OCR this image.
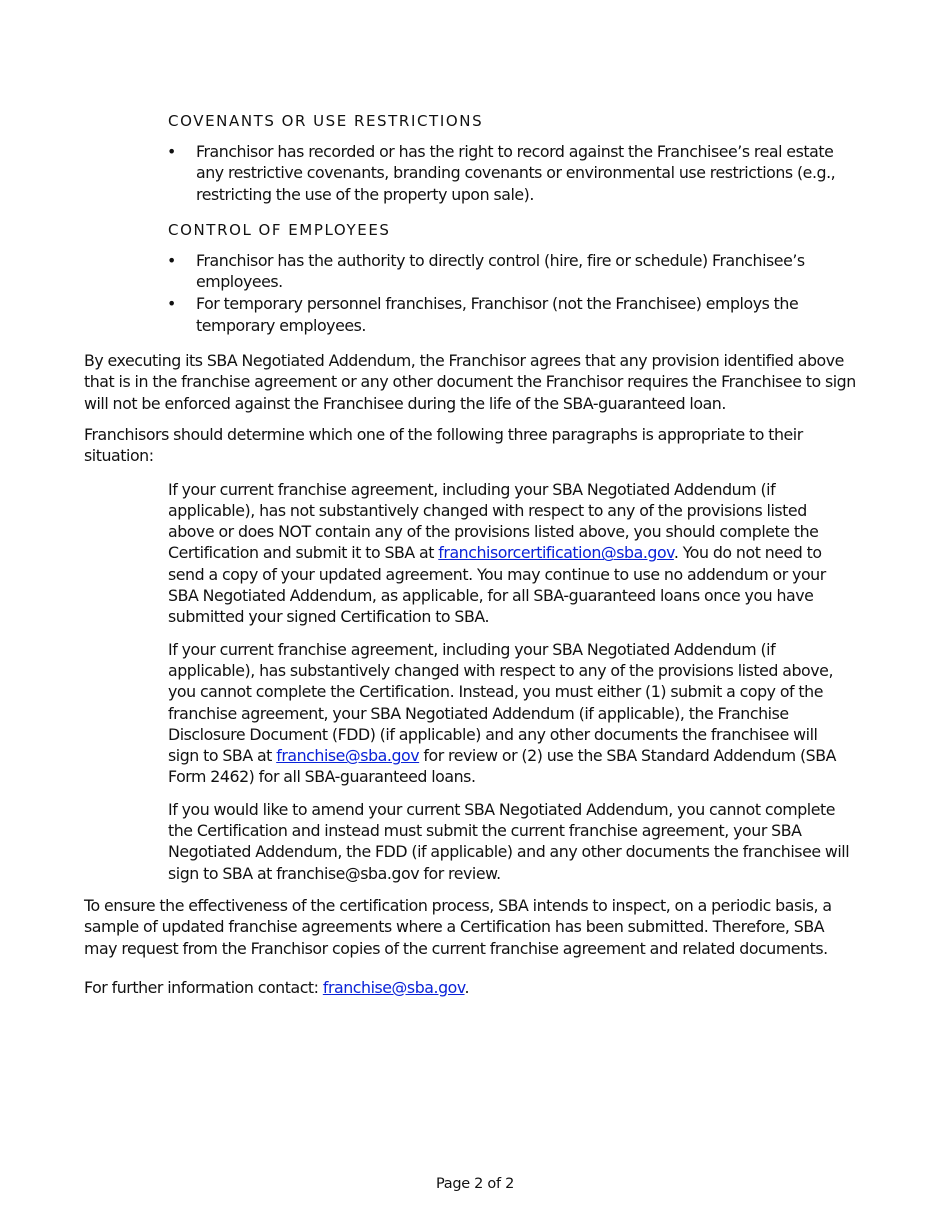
COVENANTS OR USE RESTRICTIONS
• Franchisor has recorded or has the right to record against the Franchisee’s real estate any restrictive covenants, branding covenants or environmental use restrictions (e.g., restricting the use of the property upon sale).
CONTROL OF EMPLOYEES
• Franchisor has the authority to directly control (hire, fire or schedule) Franchisee’s employees.
• For temporary personnel franchises, Franchisor (not the Franchisee) employs the temporary employees.

By executing its SBA Negotiated Addendum, the Franchisor agrees that any provision identified above that is in the franchise agreement or any other document the Franchisor requires the Franchisee to sign will not be enforced against the Franchisee during the life of the SBA-guaranteed loan.

Franchisors should determine which one of the following three paragraphs is appropriate to their situation:

If your current franchise agreement, including your SBA Negotiated Addendum (if applicable), has not substantively changed with respect to any of the provisions listed above or does NOT contain any of the provisions listed above, you should complete the Certification and submit it to SBA at franchisorcertification@sba.gov. You do not need to send a copy of your updated agreement. You may continue to use no addendum or your SBA Negotiated Addendum, as applicable, for all SBA-guaranteed loans once you have submitted your signed Certification to SBA.

If your current franchise agreement, including your SBA Negotiated Addendum (if applicable), has substantively changed with respect to any of the provisions listed above, you cannot complete the Certification. Instead, you must either (1) submit a copy of the franchise agreement, your SBA Negotiated Addendum (if applicable), the Franchise Disclosure Document (FDD) (if applicable) and any other documents the franchisee will sign to SBA at franchise@sba.gov for review or (2) use the SBA Standard Addendum (SBA Form 2462) for all SBA-guaranteed loans.

If you would like to amend your current SBA Negotiated Addendum, you cannot complete the Certification and instead must submit the current franchise agreement, your SBA Negotiated Addendum, the FDD (if applicable) and any other documents the franchisee will sign to SBA at franchise@sba.gov for review.

To ensure the effectiveness of the certification process, SBA intends to inspect, on a periodic basis, a sample of updated franchise agreements where a Certification has been submitted. Therefore, SBA may request from the Franchisor copies of the current franchise agreement and related documents.

For further information contact: franchise@sba.gov.

Page 2 of 2
